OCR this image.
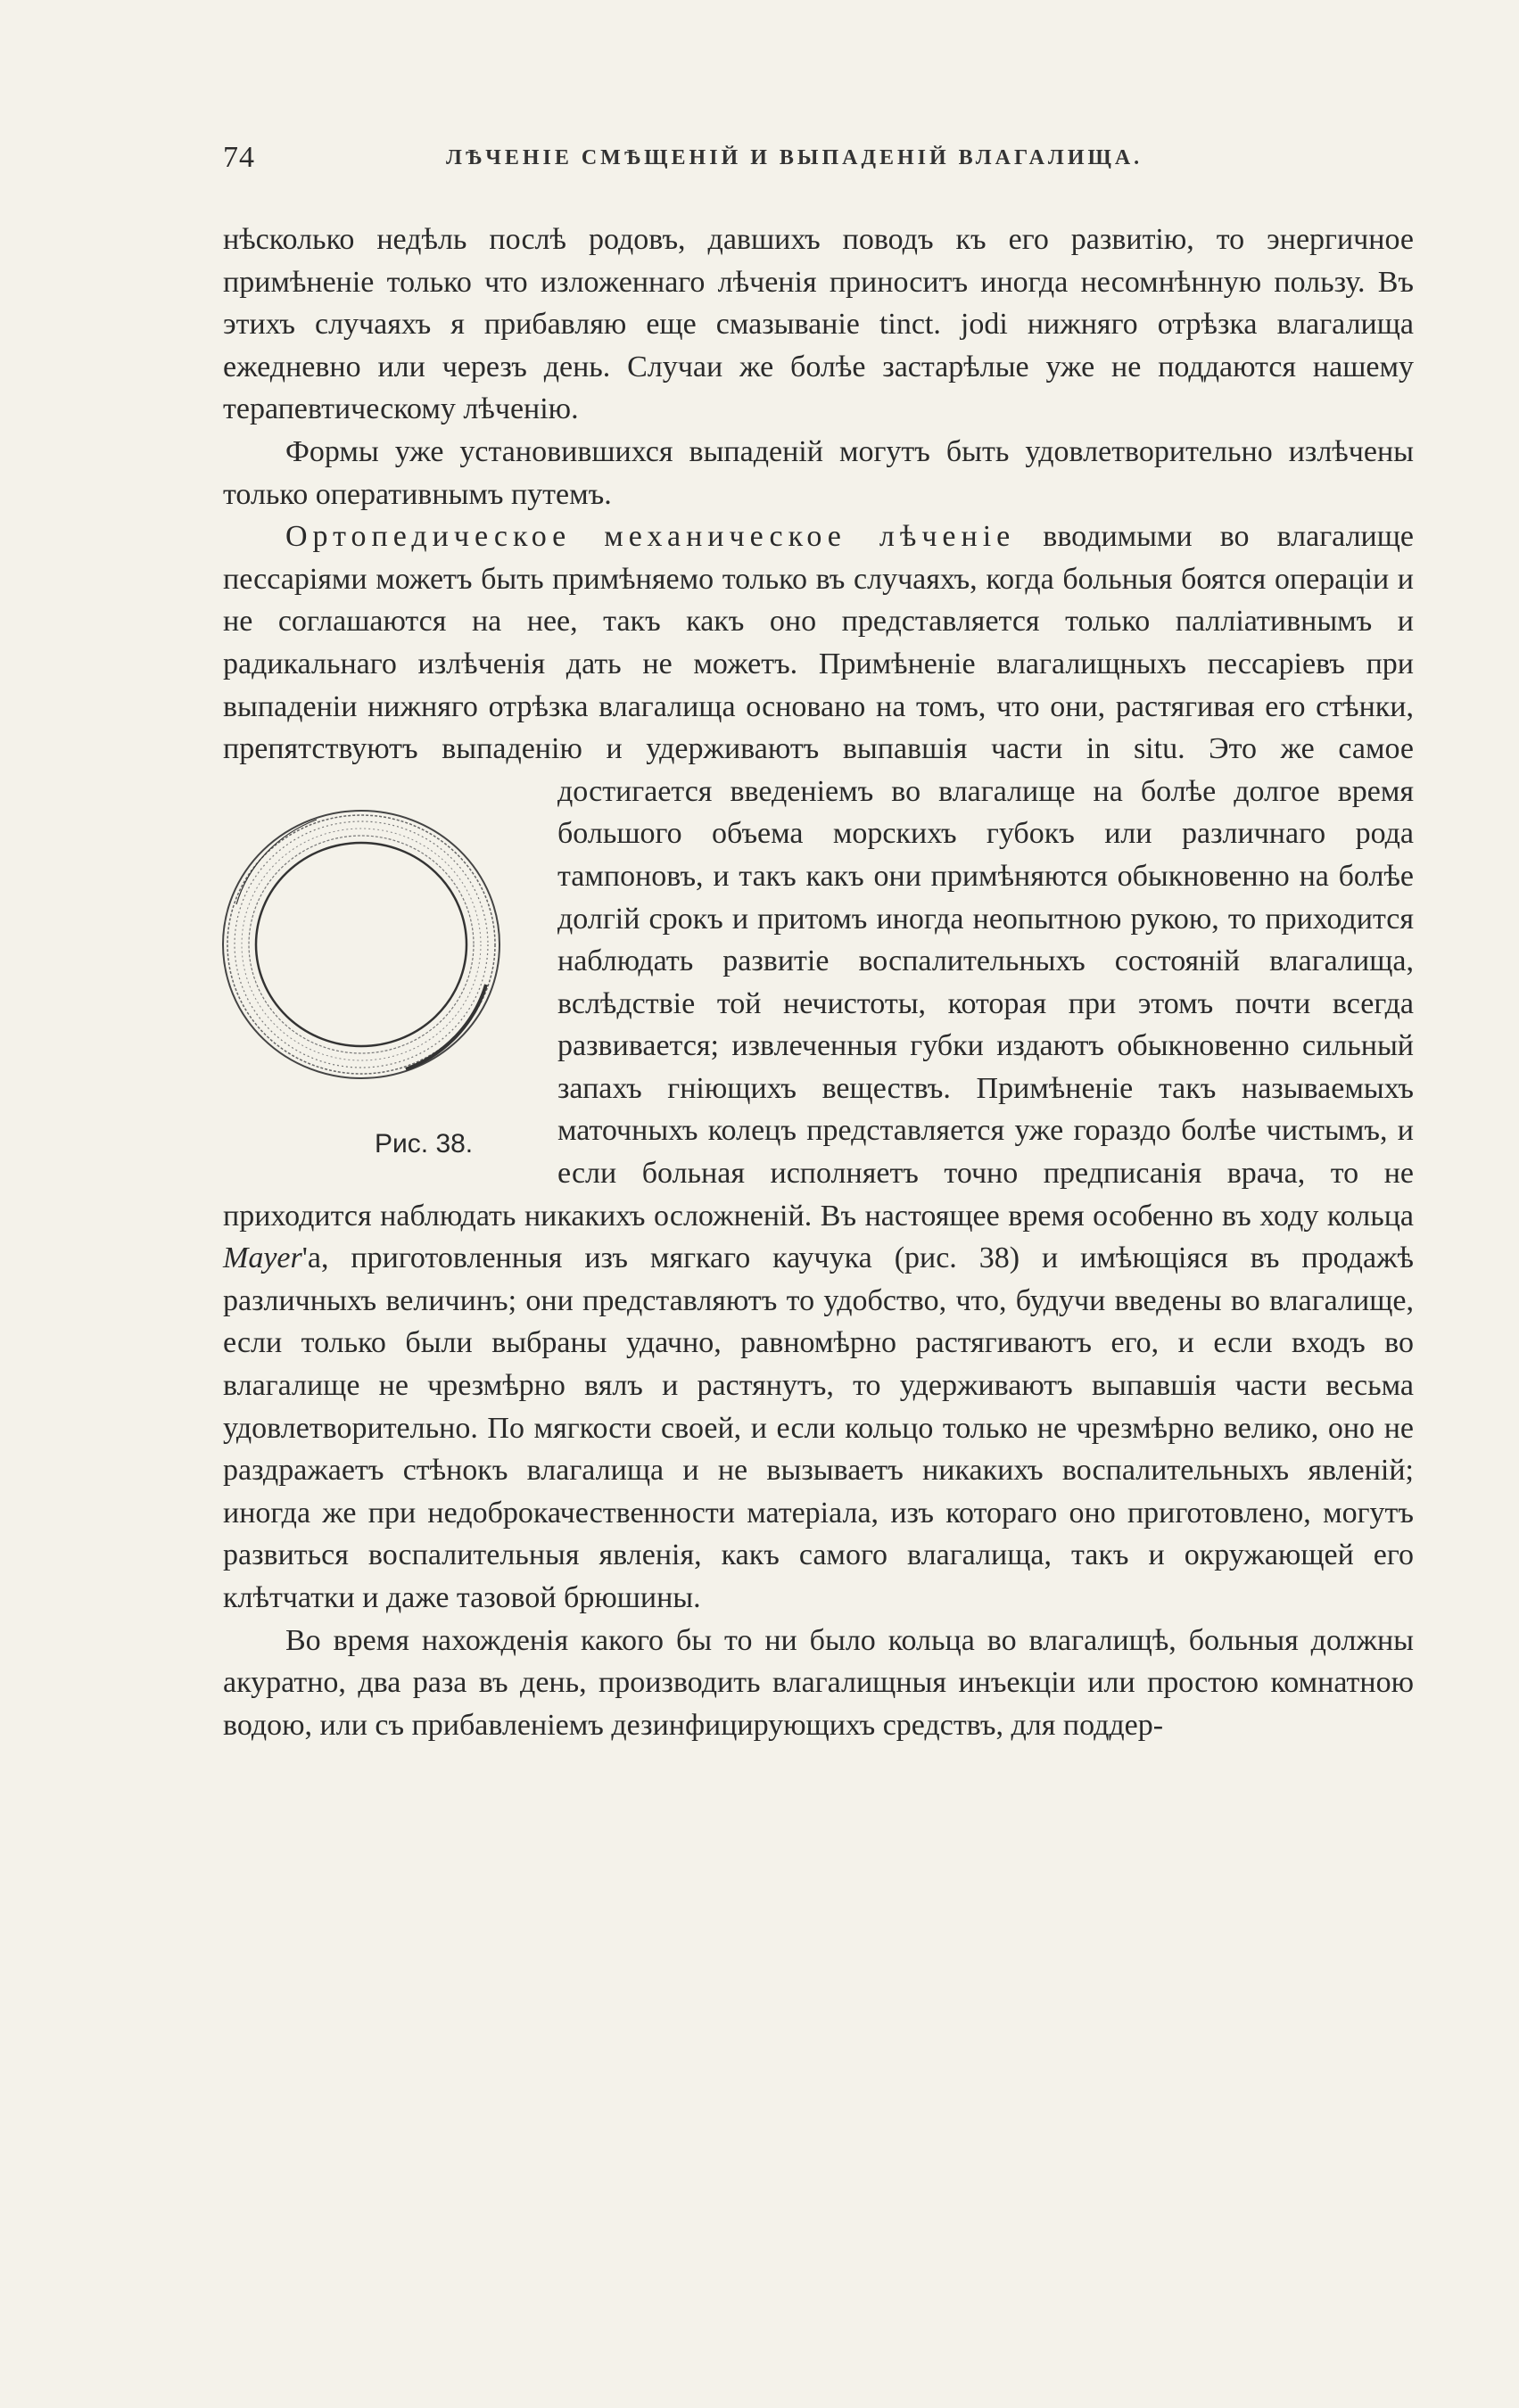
74	ЛѢЧЕНІЕ СМѢЩЕНІЙ И ВЫПАДЕНІЙ ВЛАГАЛИЩА.

нѣсколько недѣль послѣ родовъ, давшихъ поводъ къ его развитію, то энергичное примѣненіе только что изложеннаго лѣченія приноситъ иногда несомнѣнную пользу. Въ этихъ случаяхъ я прибавляю еще смазываніе tinct. jodi нижняго отрѣзка влагалища ежедневно или черезъ день. Случаи же болѣе застарѣлые уже не поддаются нашему терапевтическому лѣченію.

Формы уже установившихся выпаденій могутъ быть удовлетворительно излѣчены только оперативнымъ путемъ.

Ортопедическое механическое лѣченіе вводимыми во влагалище пессаріями можетъ быть примѣняемо только въ случаяхъ, когда больныя боятся операціи и не соглашаются на нее, такъ какъ оно представляется только палліативнымъ и радикальнаго излѣченія дать не можетъ. Примѣненіе влагалищныхъ пессаріевъ при выпаденіи нижняго отрѣзка влагалища основано на томъ, что они, растягивая его стѣнки, препятствуютъ выпаденію и удерживаютъ выпавшія части in situ. Это же самое достигается
Рис. 38.
введеніемъ во влагалище на болѣе долгое время большого объема морскихъ губокъ или различнаго рода тампоновъ, и такъ какъ они примѣняются обыкновенно на болѣе долгій срокъ и притомъ иногда неопытною рукою, то приходится наблюдать развитіе воспалительныхъ состояній влагалища, вслѣдствіе той нечистоты, которая при этомъ почти всегда развивается; извлеченныя губки издаютъ обыкновенно сильный запахъ гніющихъ веществъ. Примѣненіе такъ называемыхъ маточныхъ колецъ представляется уже гораздо болѣе чистымъ, и если больная исполняетъ точно предписанія врача, то не приходится наблюдать никакихъ осложненій. Въ настоящее время особенно въ ходу кольца Mayer'а, приготовленныя изъ мягкаго каучука (рис. 38) и имѣющіяся въ продажѣ различныхъ величинъ; они представляютъ то удобство, что, будучи введены во влагалище, если только были выбраны удачно, равномѣрно растягиваютъ его, и если входъ во влагалище не чрезмѣрно вялъ и растянутъ, то удерживаютъ выпавшія части весьма удовлетворительно. По мягкости своей, и если кольцо только не чрезмѣрно велико, оно не раздражаетъ стѣнокъ влагалища и не вызываетъ никакихъ воспалительныхъ явленій; иногда же при недоброкачественности матеріала, изъ котораго оно приготовлено, могутъ развиться воспалительныя явленія, какъ самого влагалища, такъ и окружающей его клѣтчатки и даже тазовой брюшины.

Во время нахожденія какого бы то ни было кольца во влагалищѣ, больныя должны акуратно, два раза въ день, производить влагалищныя инъекціи или простою комнатною водою, или съ прибавленіемъ дезинфицирующихъ средствъ, для поддер-
